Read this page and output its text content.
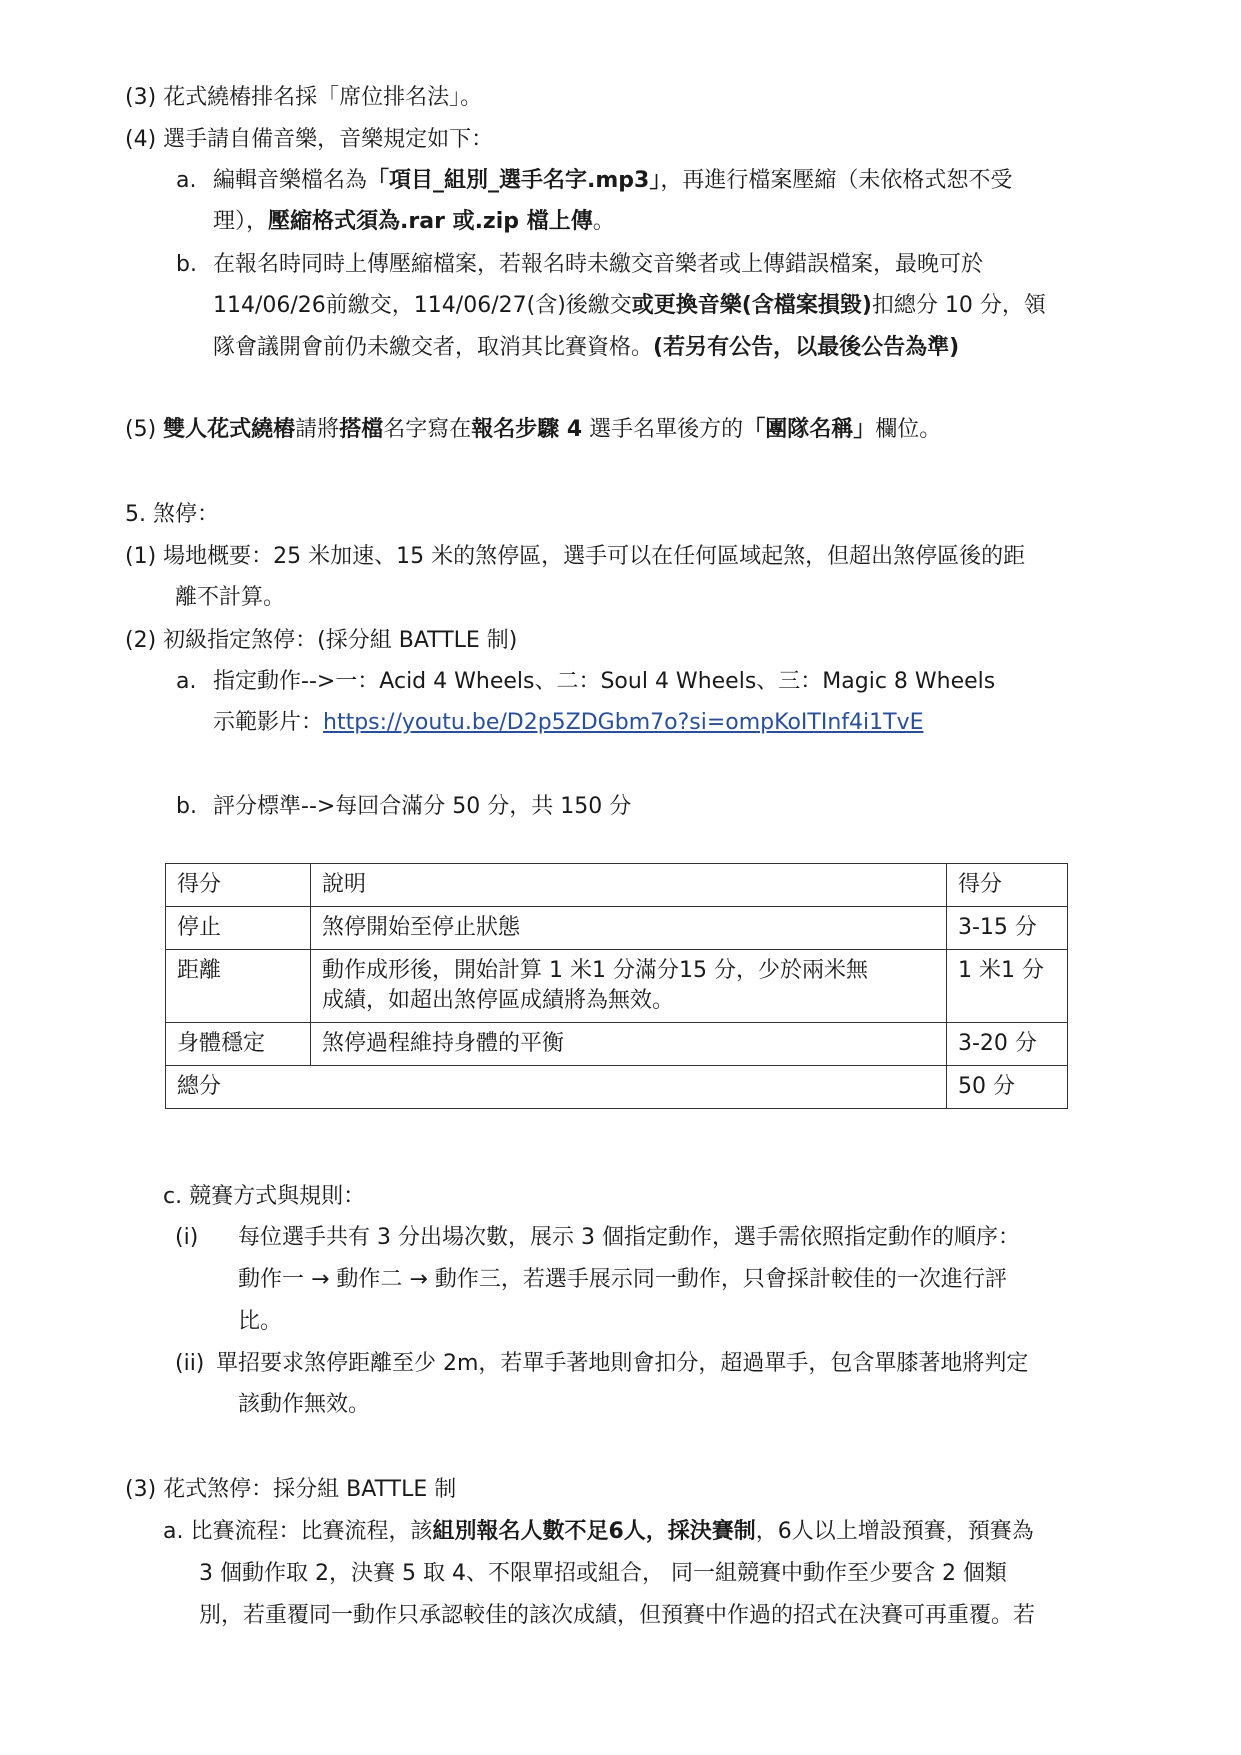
(3) 花式繞樁排名採「席位排名法」。
(4) 選手請自備音樂，音樂規定如下：
a. 編輯音樂檔名為「項目_組別_選手名字.mp3」，再進行檔案壓縮（未依格式恕不受
理），壓縮格式須為.rar 或.zip 檔上傳。
b. 在報名時同時上傳壓縮檔案，若報名時未繳交音樂者或上傳錯誤檔案，最晚可於
114/06/26前繳交，114/06/27(含)後繳交或更換音樂(含檔案損毀)扣總分 10 分，領
隊會議開會前仍未繳交者，取消其比賽資格。(若另有公告，以最後公告為準)
(5) 雙人花式繞樁請將搭檔名字寫在報名步驟 4 選手名單後方的「團隊名稱」欄位。
5. 煞停：
(1) 場地概要：25 米加速、15 米的煞停區，選手可以在任何區域起煞，但超出煞停區後的距
離不計算。
(2) 初級指定煞停：(採分組 BATTLE 制)
a. 指定動作-->一：Acid 4 Wheels、二：Soul 4 Wheels、三：Magic 8 Wheels
示範影片：https://youtu.be/D2p5ZDGbm7o?si=ompKoITInf4i1TvE
b. 評分標準-->每回合滿分 50 分，共 150 分
得分	說明	得分
停止	煞停開始至停止狀態	3-15 分
距離	動作成形後，開始計算 1 米1 分滿分15 分，少於兩米無
成績，如超出煞停區成績將為無效。	1 米1 分
身體穩定	煞停過程維持身體的平衡	3-20 分
總分		50 分
c. 競賽方式與規則：
(i) 每位選手共有 3 分出場次數，展示 3 個指定動作，選手需依照指定動作的順序：
動作一 → 動作二 → 動作三，若選手展示同一動作，只會採計較佳的一次進行評
比。
(ii) 單招要求煞停距離至少 2m，若單手著地則會扣分，超過單手，包含單膝著地將判定
該動作無效。
(3) 花式煞停：採分組 BATTLE 制
a. 比賽流程：比賽流程，該組別報名人數不足6人，採決賽制，6人以上增設預賽，預賽為
3 個動作取 2，決賽 5 取 4、不限單招或組合， 同一組競賽中動作至少要含 2 個類
別，若重覆同一動作只承認較佳的該次成績，但預賽中作過的招式在決賽可再重覆。若
